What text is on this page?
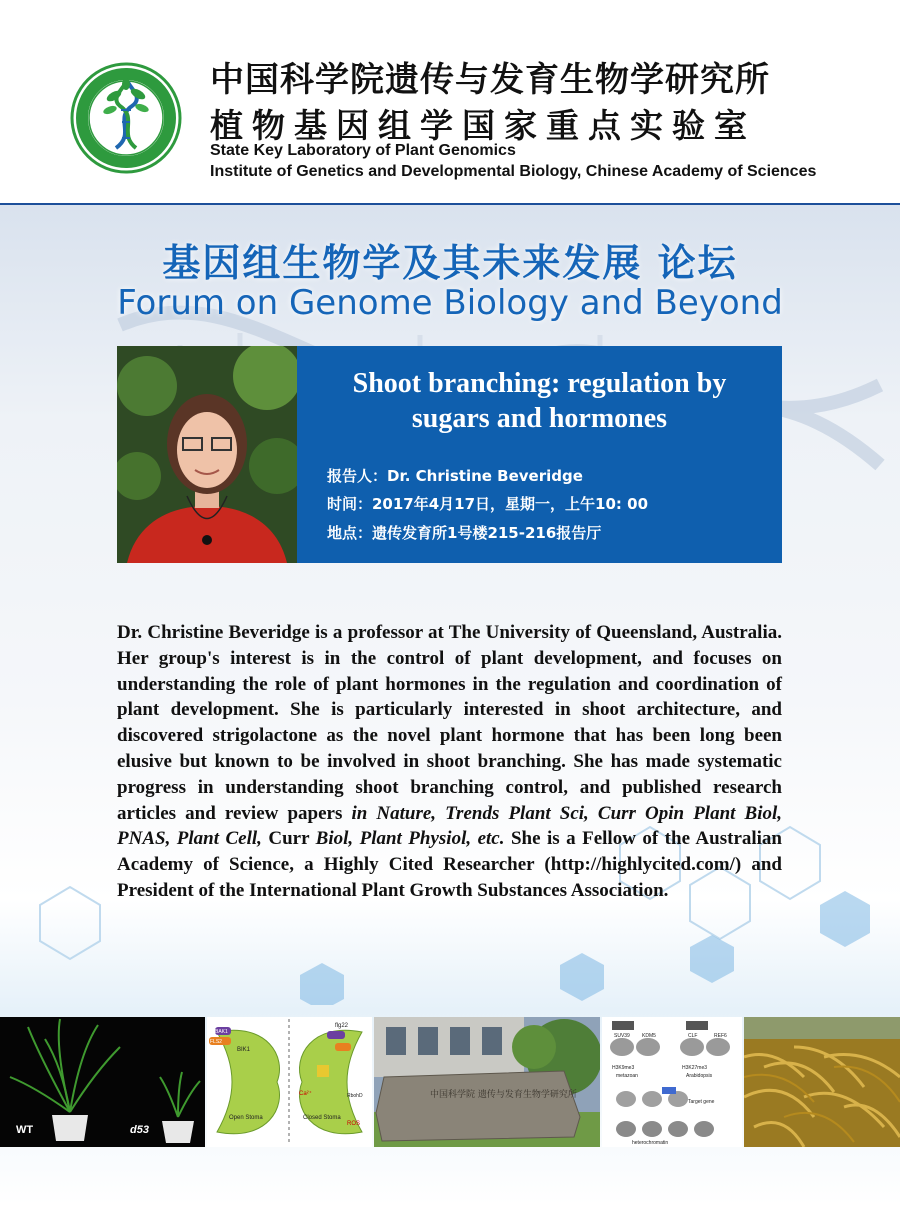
中国科学院遗传与发育生物学研究所
植物基因组学国家重点实验室
State Key Laboratory of Plant Genomics
Institute of Genetics and Developmental Biology, Chinese Academy of Sciences
基因组生物学及其未来发展 论坛
Forum on Genome Biology and Beyond
Shoot branching: regulation by
sugars and hormones
报告人：Dr. Christine Beveridge
时间：2017年4月17日，星期一，上午10: 00
地点：遗传发育所1号楼215-216报告厅
Dr. Christine Beveridge is a professor at The University of Queensland, Australia. Her group's interest is in the control of plant development, and focuses on understanding the role of plant hormones in the regulation and coordination of plant development. She is particularly interested in shoot architecture, and discovered strigolactone as the novel plant hormone that has been long been elusive but known to be involved in shoot branching. She has made systematic progress in understanding shoot branching control, and published research articles and review papers in Nature, Trends Plant Sci, Curr Opin Plant Biol, PNAS, Plant Cell, Curr Biol, Plant Physiol, etc. She is a Fellow of the Australian Academy of Science, a Highly Cited Researcher (http://highlycited.com/) and President of the International Plant Growth Substances Association.
WT	d53
flg22
BAK1
FLS2
BIK1
Ca²⁺
ROS
RbohD
Open Stoma	Closed Stoma
中国科学院 遗传与发育生物学研究所
SUV39 KDM5	CLF	REF6
H3K9me3
metazoan
H3K27me3
Arabidopsis
Target gene
heterochromatin
